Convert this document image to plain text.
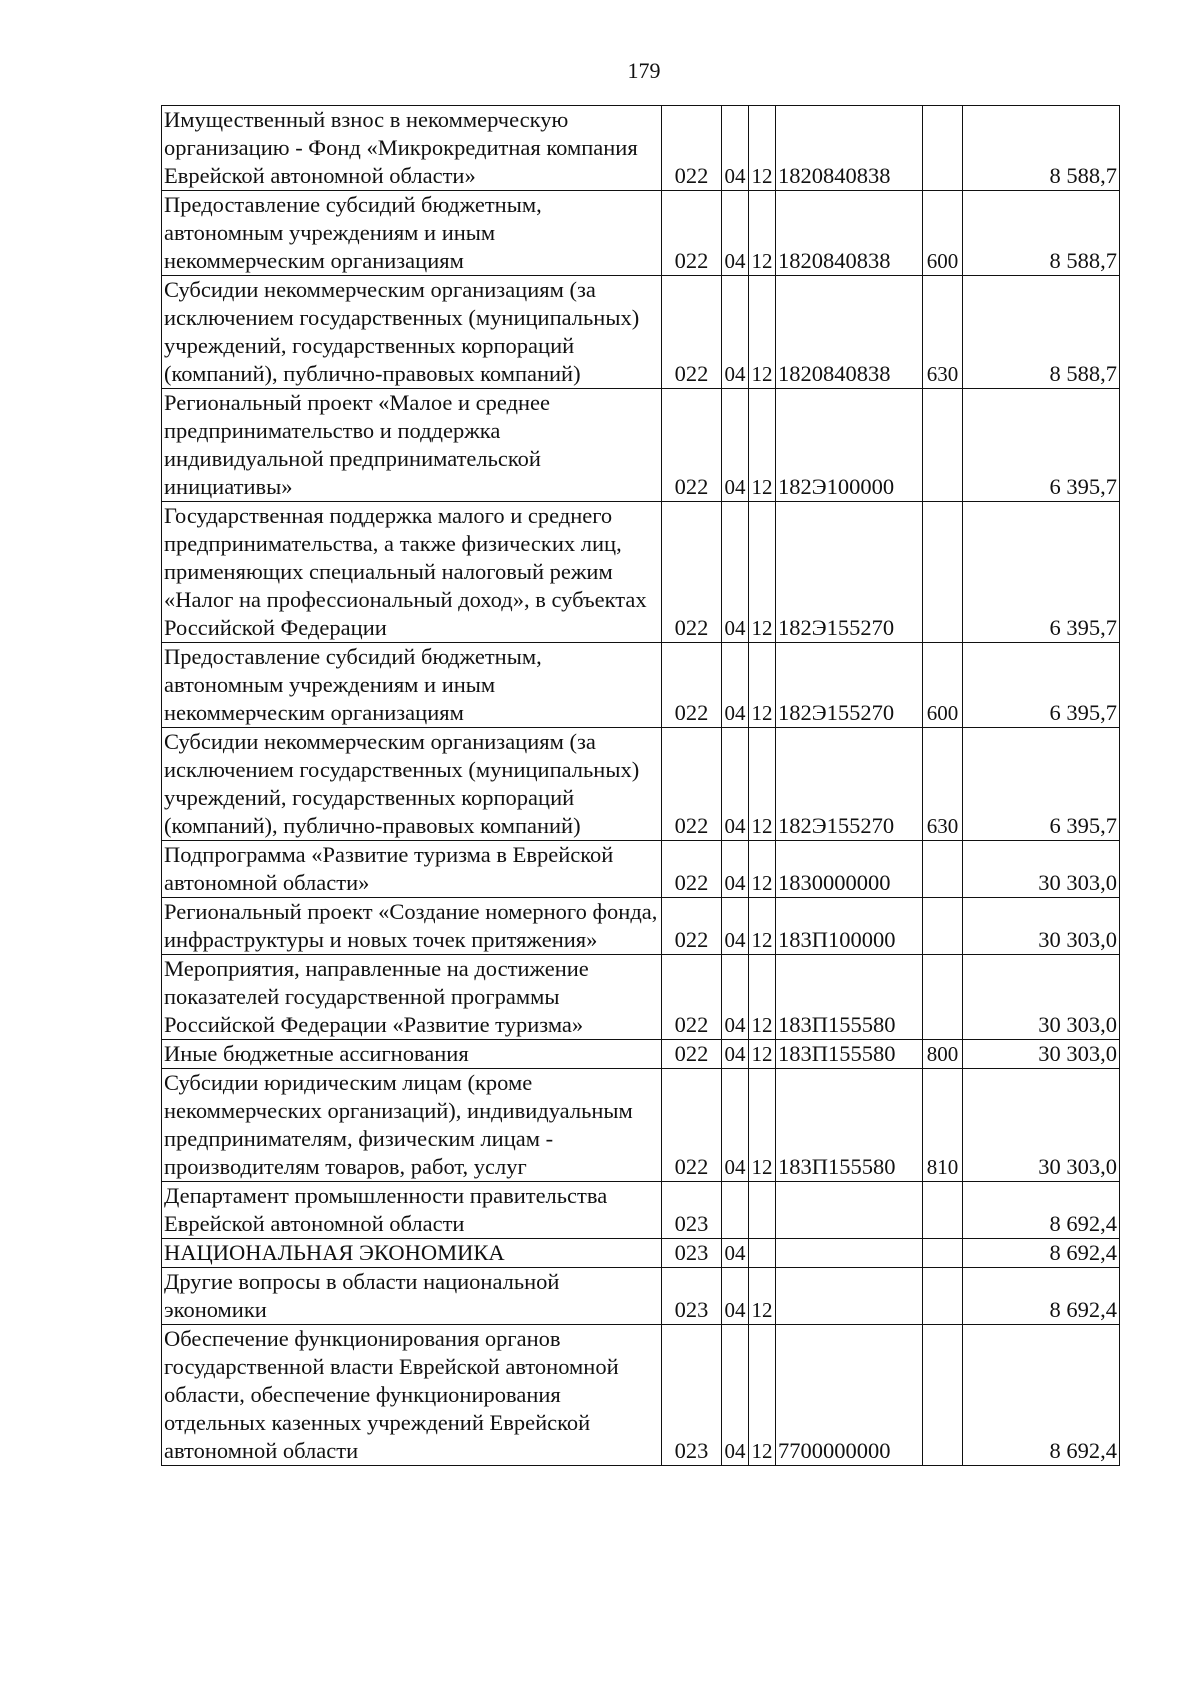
179
Имущественный взнос в некоммерческую организацию - Фонд «Микрокредитная компания Еврейской автономной области»	022	04	12	1820840838		8 588,7
Предоставление субсидий бюджетным, автономным учреждениям и иным некоммерческим организациям	022	04	12	1820840838	600	8 588,7
Субсидии некоммерческим организациям (за исключением государственных (муниципальных) учреждений, государственных корпораций (компаний), публично-правовых компаний)	022	04	12	1820840838	630	8 588,7
Региональный проект «Малое и среднее предпринимательство и поддержка индивидуальной предпринимательской инициативы»	022	04	12	182Э100000		6 395,7
Государственная поддержка малого и среднего предпринимательства, а также физических лиц, применяющих специальный налоговый режим «Налог на профессиональный доход», в субъектах Российской Федерации	022	04	12	182Э155270		6 395,7
Предоставление субсидий бюджетным, автономным учреждениям и иным некоммерческим организациям	022	04	12	182Э155270	600	6 395,7
Субсидии некоммерческим организациям (за исключением государственных (муниципальных) учреждений, государственных корпораций (компаний), публично-правовых компаний)	022	04	12	182Э155270	630	6 395,7
Подпрограмма «Развитие туризма в Еврейской автономной области»	022	04	12	1830000000		30 303,0
Региональный проект «Создание номерного фонда, инфраструктуры и новых точек притяжения»	022	04	12	183П100000		30 303,0
Мероприятия, направленные на достижение показателей государственной программы Российской Федерации «Развитие туризма»	022	04	12	183П155580		30 303,0
Иные бюджетные ассигнования	022	04	12	183П155580	800	30 303,0
Субсидии юридическим лицам (кроме некоммерческих организаций), индивидуальным предпринимателям, физическим лицам - производителям товаров, работ, услуг	022	04	12	183П155580	810	30 303,0
Департамент промышленности правительства Еврейской автономной области	023					8 692,4
НАЦИОНАЛЬНАЯ ЭКОНОМИКА	023	04				8 692,4
Другие вопросы в области национальной экономики	023	04	12			8 692,4
Обеспечение функционирования органов государственной власти Еврейской автономной области, обеспечение функционирования отдельных казенных учреждений Еврейской автономной области	023	04	12	7700000000		8 692,4
